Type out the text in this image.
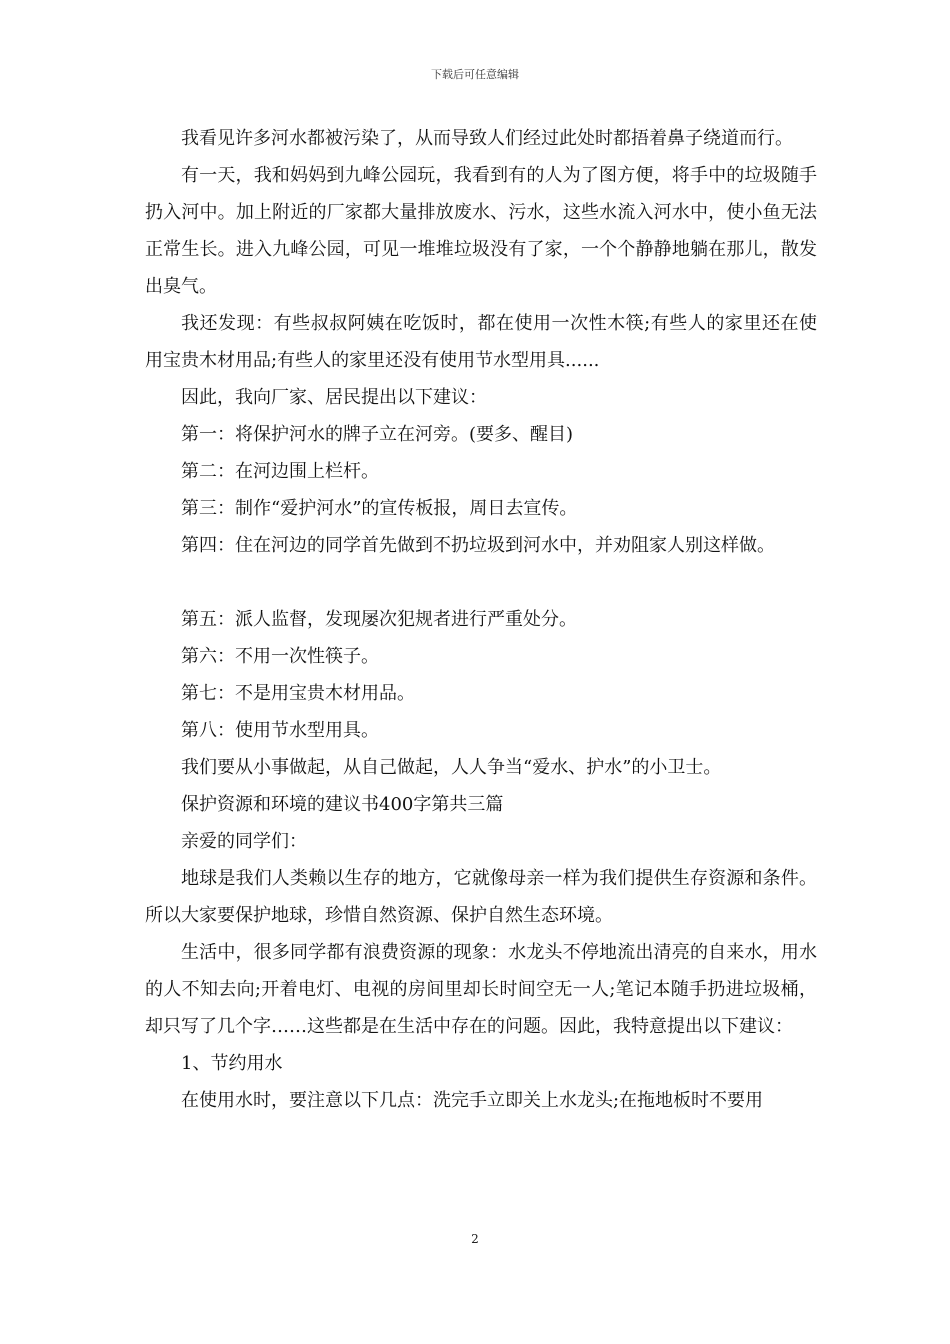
下载后可任意编辑

我看见许多河水都被污染了，从而导致人们经过此处时都捂着鼻子绕道而行。

有一天，我和妈妈到九峰公园玩，我看到有的人为了图方便，将手中的垃圾随手扔入河中。加上附近的厂家都大量排放废水、污水，这些水流入河水中，使小鱼无法正常生长。进入九峰公园，可见一堆堆垃圾没有了家，一个个静静地躺在那儿，散发出臭气。

我还发现：有些叔叔阿姨在吃饭时，都在使用一次性木筷;有些人的家里还在使用宝贵木材用品;有些人的家里还没有使用节水型用具......

因此，我向厂家、居民提出以下建议：

第一：将保护河水的牌子立在河旁。(要多、醒目)

第二：在河边围上栏杆。

第三：制作“爱护河水”的宣传板报，周日去宣传。

第四：住在河边的同学首先做到不扔垃圾到河水中，并劝阻家人别这样做。

第五：派人监督，发现屡次犯规者进行严重处分。

第六：不用一次性筷子。

第七：不是用宝贵木材用品。

第八：使用节水型用具。

我们要从小事做起，从自己做起，人人争当“爱水、护水”的小卫士。

保护资源和环境的建议书400字第共三篇

亲爱的同学们：

地球是我们人类赖以生存的地方，它就像母亲一样为我们提供生存资源和条件。所以大家要保护地球，珍惜自然资源、保护自然生态环境。

生活中，很多同学都有浪费资源的现象：水龙头不停地流出清亮的自来水，用水的人不知去向;开着电灯、电视的房间里却长时间空无一人;笔记本随手扔进垃圾桶，却只写了几个字……这些都是在生活中存在的问题。因此，我特意提出以下建议：

1、节约用水

在使用水时，要注意以下几点：洗完手立即关上水龙头;在拖地板时不要用

2
